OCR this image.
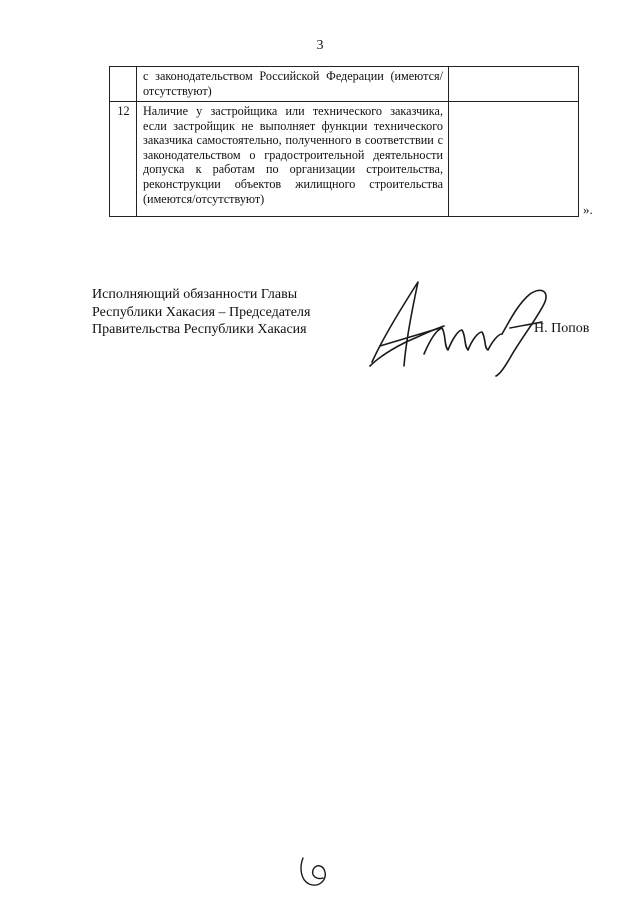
3
	с законодательством Российской Федерации (имеются/отсутствуют)	
12	Наличие у застройщика или технического заказчика, если застройщик не выполняет функции технического заказчика самостоятельно, полученного в соответствии с законодательством о градостроительной деятельности допуска к работам по организации строительства, реконструкции объектов жилищного строительства (имеются/отсутствуют)	
».
Исполняющий обязанности Главы
Республики Хакасия – Председателя
Правительства Республики Хакасия	Н. Попов
